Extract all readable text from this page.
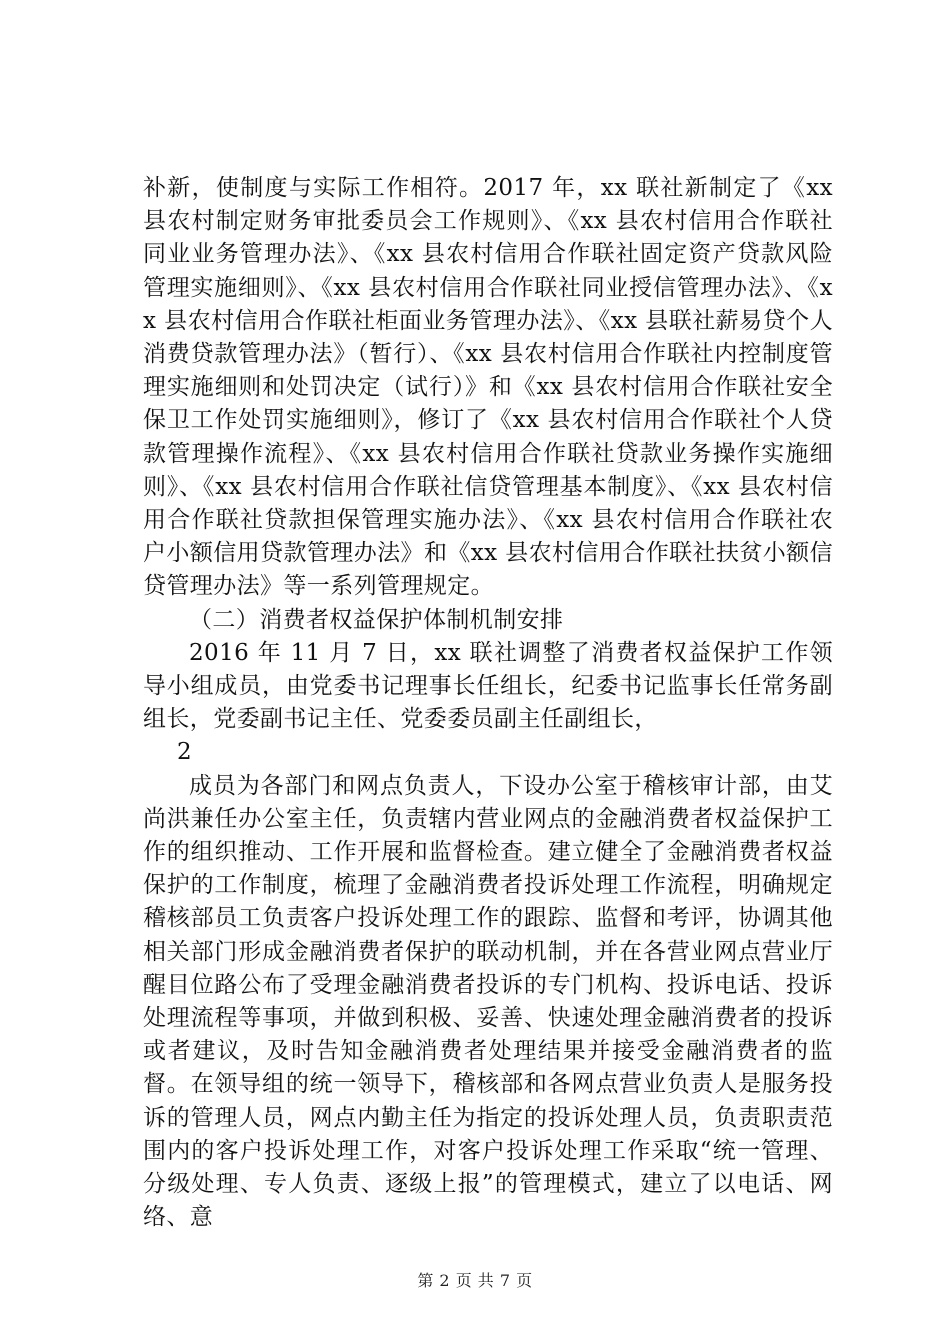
补新，使制度与实际工作相符。2017 年，xx 联社新制定了《xx 县农村制定财务审批委员会工作规则》、《xx 县农村信用合作联社同业业务管理办法》、《xx 县农村信用合作联社固定资产贷款风险管理实施细则》、《xx 县农村信用合作联社同业授信管理办法》、《xx 县农村信用合作联社柜面业务管理办法》、《xx 县联社薪易贷个人消费贷款管理办法》（暂行）、《xx 县农村信用合作联社内控制度管理实施细则和处罚决定（试行）》和《xx 县农村信用合作联社安全保卫工作处罚实施细则》，修订了《xx 县农村信用合作联社个人贷款管理操作流程》、《xx 县农村信用合作联社贷款业务操作实施细则》、《xx 县农村信用合作联社信贷管理基本制度》、《xx 县农村信用合作联社贷款担保管理实施办法》、《xx 县农村信用合作联社农户小额信用贷款管理办法》和《xx 县农村信用合作联社扶贫小额信贷管理办法》等一系列管理规定。

（二）消费者权益保护体制机制安排

2016 年 11 月 7 日，xx 联社调整了消费者权益保护工作领导小组成员，由党委书记理事长任组长，纪委书记监事长任常务副组长，党委副书记主任、党委委员副主任副组长，

2

成员为各部门和网点负责人，下设办公室于稽核审计部，由艾尚洪兼任办公室主任，负责辖内营业网点的金融消费者权益保护工作的组织推动、工作开展和监督检查。建立健全了金融消费者权益保护的工作制度，梳理了金融消费者投诉处理工作流程，明确规定稽核部员工负责客户投诉处理工作的跟踪、监督和考评，协调其他相关部门形成金融消费者保护的联动机制，并在各营业网点营业厅醒目位路公布了受理金融消费者投诉的专门机构、投诉电话、投诉处理流程等事项，并做到积极、妥善、快速处理金融消费者的投诉或者建议，及时告知金融消费者处理结果并接受金融消费者的监督。在领导组的统一领导下，稽核部和各网点营业负责人是服务投诉的管理人员，网点内勤主任为指定的投诉处理人员，负责职责范围内的客户投诉处理工作，对客户投诉处理工作采取“统一管理、分级处理、专人负责、逐级上报”的管理模式，建立了以电话、网络、意

第 2 页 共 7 页
